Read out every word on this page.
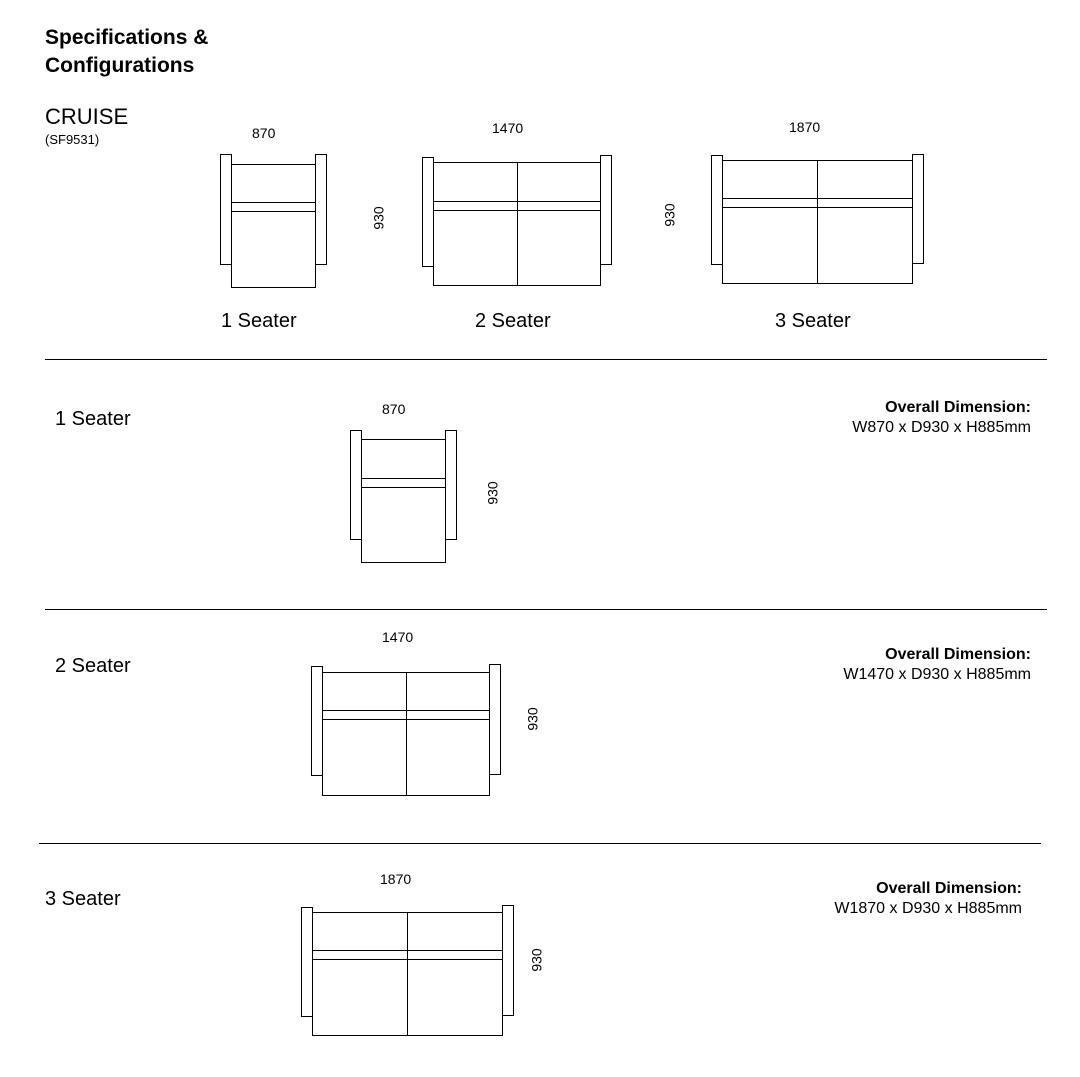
Specifications &
Configurations
CRUISE
(SF9531)	870
1 Seater
1470
930
2 Seater
1870
930
3 Seater
1 Seater	870
930
Overall Dimension:
W870 x D930 x H885mm
2 Seater
1470
930
Overall Dimension:
W1470 x D930 x H885mm
3 Seater
1870
930
Overall Dimension:
W1870 x D930 x H885mm
